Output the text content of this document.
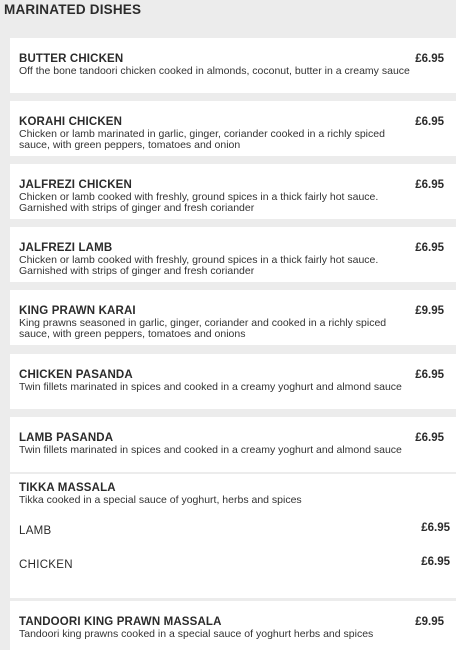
MARINATED DISHES
BUTTER CHICKEN	£6.95
Off the bone tandoori chicken cooked in almonds, coconut, butter in a creamy sauce
KORAHI CHICKEN	£6.95
Chicken or lamb marinated in garlic, ginger, coriander cooked in a richly spiced sauce, with green peppers, tomatoes and onion
JALFREZI CHICKEN	£6.95
Chicken or lamb cooked with freshly, ground spices in a thick fairly hot sauce. Garnished with strips of ginger and fresh coriander
JALFREZI LAMB	£6.95
Chicken or lamb cooked with freshly, ground spices in a thick fairly hot sauce. Garnished with strips of ginger and fresh coriander
KING PRAWN KARAI	£9.95
King prawns seasoned in garlic, ginger, coriander and cooked in a richly spiced sauce, with green peppers, tomatoes and onions
CHICKEN PASANDA	£6.95
Twin fillets marinated in spices and cooked in a creamy yoghurt and almond sauce
LAMB PASANDA	£6.95
Twin fillets marinated in spices and cooked in a creamy yoghurt and almond sauce
TIKKA MASSALA
Tikka cooked in a special sauce of yoghurt, herbs and spices
LAMB	£6.95
CHICKEN	£6.95
TANDOORI KING PRAWN MASSALA	£9.95
Tandoori king prawns cooked in a special sauce of yoghurt herbs and spices
